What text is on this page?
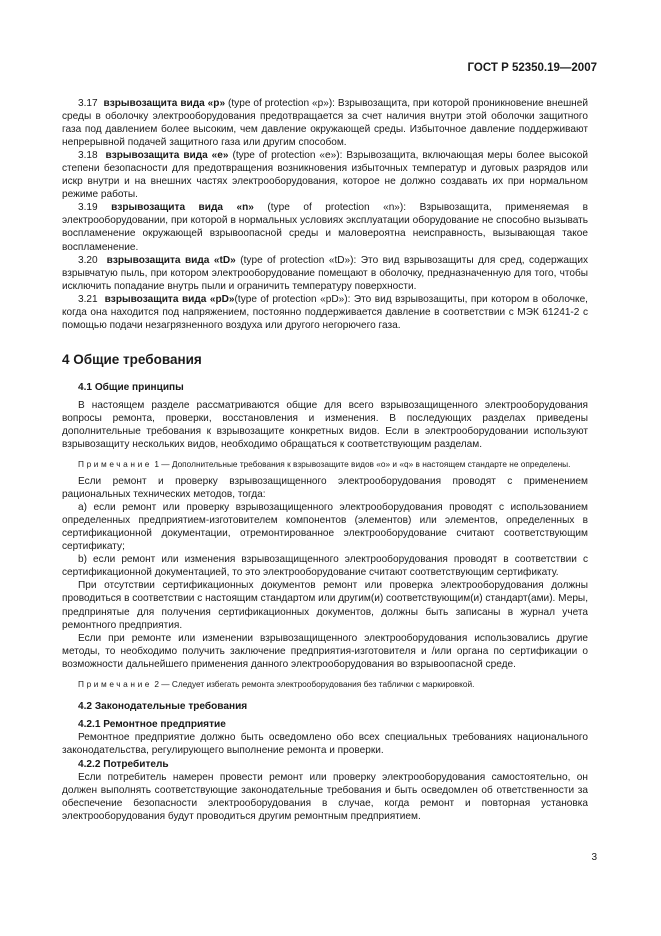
ГОСТ Р 52350.19—2007

3.17 взрывозащита вида «р» (type of protection «р»): Взрывозащита, при которой проникновение внешней среды в оболочку электрооборудования предотвращается за счет наличия внутри этой оболочки защитного газа под давлением более высоким, чем давление окружающей среды. Избыточное давление поддерживают непрерывной подачей защитного газа или другим способом.

3.18 взрывозащита вида «е» (type of protection «е»): Взрывозащита, включающая меры более высокой степени безопасности для предотвращения возникновения избыточных температур и дуговых разрядов или искр внутри и на внешних частях электрооборудования, которое не должно создавать их при нормальном режиме работы.

3.19 взрывозащита вида «n» (type of protection «n»): Взрывозащита, применяемая в электрооборудовании, при которой в нормальных условиях эксплуатации оборудование не способно вызывать воспламенение окружающей взрывоопасной среды и маловероятна неисправность, вызывающая такое воспламенение.

3.20 взрывозащита вида «tD» (type of protection «tD»): Это вид взрывозащиты для сред, содержащих взрывчатую пыль, при котором электрооборудование помещают в оболочку, предназначенную для того, чтобы исключить попадание внутрь пыли и ограничить температуру поверхности.

3.21 взрывозащита вида «pD»(type of protection «pD»): Это вид взрывозащиты, при котором в оболочке, когда она находится под напряжением, постоянно поддерживается давление в соответствии с МЭК 61241-2 с помощью подачи незагрязненного воздуха или другого негорючего газа.

4 Общие требования
4.1 Общие принципы

В настоящем разделе рассматриваются общие для всего взрывозащищенного электрооборудования вопросы ремонта, проверки, восстановления и изменения. В последующих разделах приведены дополнительные требования к взрывозащите конкретных видов. Если в электрооборудовании используют взрывозащиту нескольких видов, необходимо обращаться к соответствующим разделам.

Примечание 1 — Дополнительные требования к взрывозащите видов «о» и «q» в настоящем стандарте не определены.

Если ремонт и проверку взрывозащищенного электрооборудования проводят с применением рациональных технических методов, тогда:

а) если ремонт или проверку взрывозащищенного электрооборудования проводят с использованием определенных предприятием-изготовителем компонентов (элементов) или элементов, определенных в сертификационной документации, отремонтированное электрооборудование считают соответствующим сертификату;

b) если ремонт или изменения взрывозащищенного электрооборудования проводят в соответствии с сертификационной документацией, то это электрооборудование считают соответствующим сертификату.

При отсутствии сертификационных документов ремонт или проверка электрооборудования должны проводиться в соответствии с настоящим стандартом или другим(и) соответствующим(и) стандарт(ами). Меры, предпринятые для получения сертификационных документов, должны быть записаны в журнал учета ремонтного предприятия.

Если при ремонте или изменении взрывозащищенного электрооборудования использовались другие методы, то необходимо получить заключение предприятия-изготовителя и /или органа по сертификации о возможности дальнейшего применения данного электрооборудования во взрывоопасной среде.

Примечание 2 — Следует избегать ремонта электрооборудования без таблички с маркировкой.

4.2 Законодательные требования
4.2.1 Ремонтное предприятие

Ремонтное предприятие должно быть осведомлено обо всех специальных требованиях национального законодательства, регулирующего выполнение ремонта и проверки.

4.2.2 Потребитель

Если потребитель намерен провести ремонт или проверку электрооборудования самостоятельно, он должен выполнять соответствующие законодательные требования и быть осведомлен об ответственности за обеспечение безопасности электрооборудования в случае, когда ремонт и повторная установка электрооборудования будут проводиться другим ремонтным предприятием.

3
